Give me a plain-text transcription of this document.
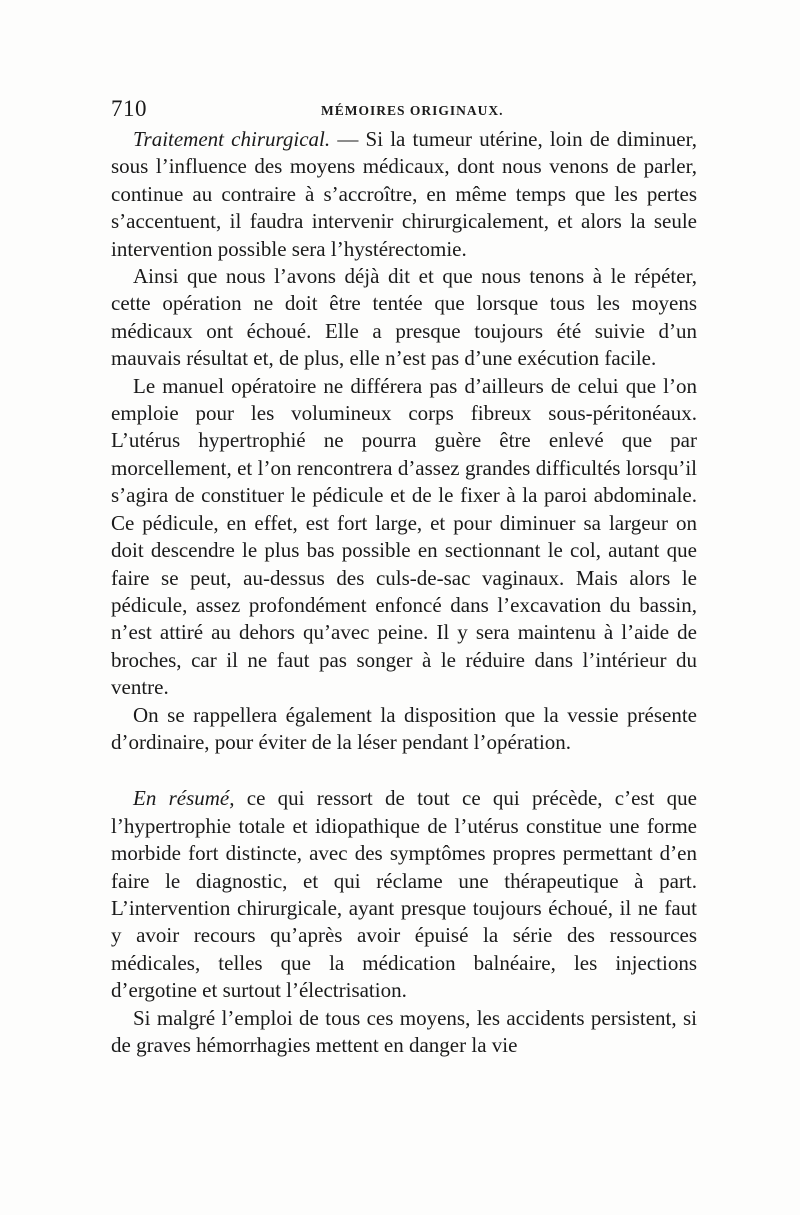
710	MÉMOIRES ORIGINAUX.

Traitement chirurgical. — Si la tumeur utérine, loin de diminuer, sous l’influence des moyens médicaux, dont nous venons de parler, continue au contraire à s’accroître, en même temps que les pertes s’accentuent, il faudra intervenir chirurgicalement, et alors la seule intervention possible sera l’hystérectomie.

Ainsi que nous l’avons déjà dit et que nous tenons à le répéter, cette opération ne doit être tentée que lorsque tous les moyens médicaux ont échoué. Elle a presque toujours été suivie d’un mauvais résultat et, de plus, elle n’est pas d’une exécution facile.

Le manuel opératoire ne différera pas d’ailleurs de celui que l’on emploie pour les volumineux corps fibreux sous-péritonéaux. L’utérus hypertrophié ne pourra guère être enlevé que par morcellement, et l’on rencontrera d’assez grandes difficultés lorsqu’il s’agira de constituer le pédicule et de le fixer à la paroi abdominale. Ce pédicule, en effet, est fort large, et pour diminuer sa largeur on doit descendre le plus bas possible en sectionnant le col, autant que faire se peut, au-dessus des culs-de-sac vaginaux. Mais alors le pédicule, assez profondément enfoncé dans l’excavation du bassin, n’est attiré au dehors qu’avec peine. Il y sera maintenu à l’aide de broches, car il ne faut pas songer à le réduire dans l’intérieur du ventre.

On se rappellera également la disposition que la vessie présente d’ordinaire, pour éviter de la léser pendant l’opération.

En résumé, ce qui ressort de tout ce qui précède, c’est que l’hypertrophie totale et idiopathique de l’utérus constitue une forme morbide fort distincte, avec des symptômes propres permettant d’en faire le diagnostic, et qui réclame une thérapeutique à part. L’intervention chirurgicale, ayant presque toujours échoué, il ne faut y avoir recours qu’après avoir épuisé la série des ressources médicales, telles que la médication balnéaire, les injections d’ergotine et surtout l’électrisation.

Si malgré l’emploi de tous ces moyens, les accidents persistent, si de graves hémorrhagies mettent en danger la vie
